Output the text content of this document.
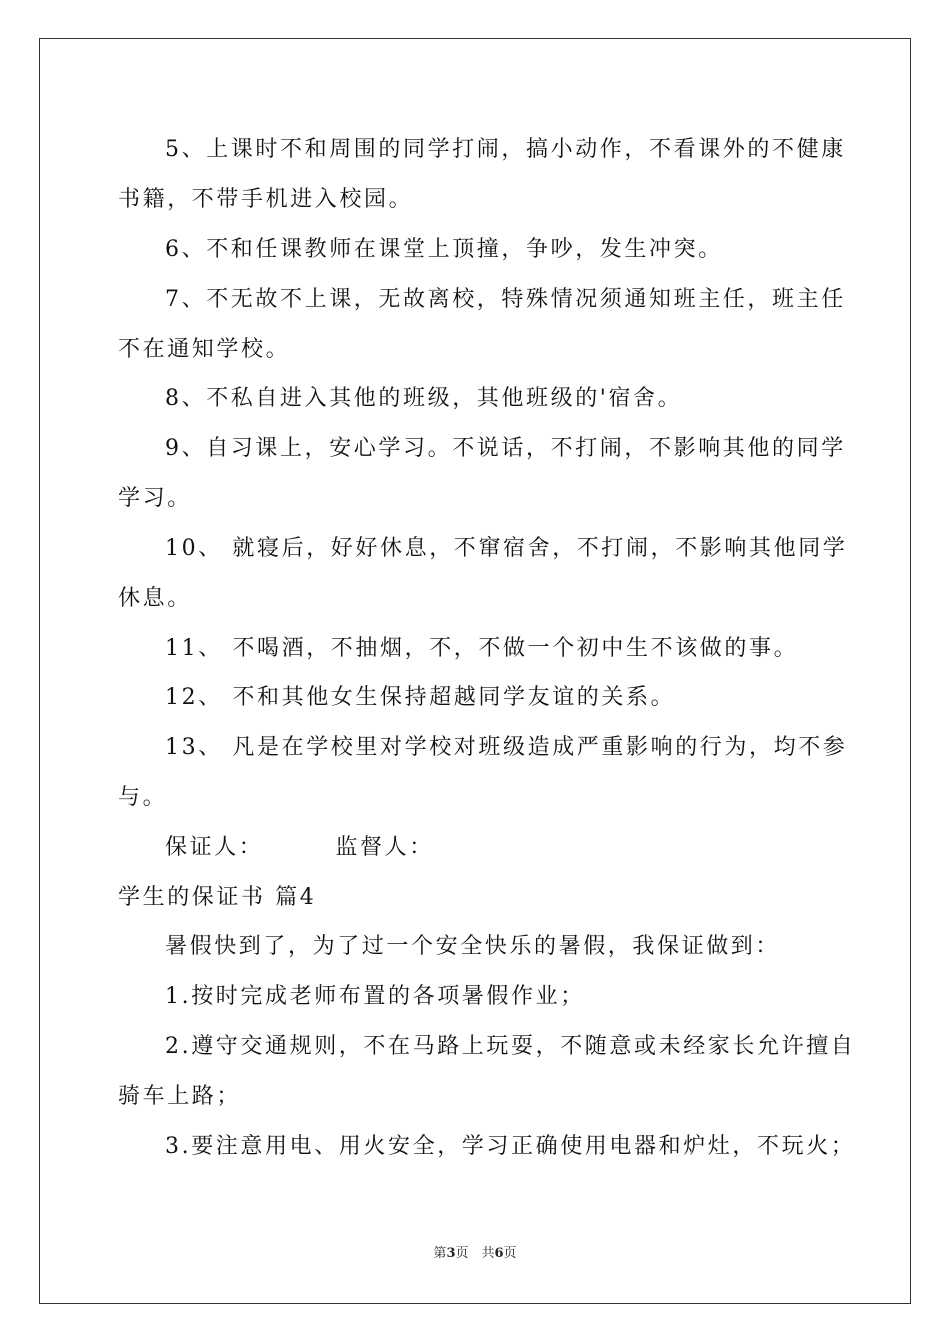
5、上课时不和周围的同学打闹，搞小动作，不看课外的不健康
书籍，不带手机进入校园。
6、不和任课教师在课堂上顶撞，争吵，发生冲突。
7、不无故不上课，无故离校，特殊情况须通知班主任，班主任
不在通知学校。
8、不私自进入其他的班级，其他班级的'宿舍。
9、自习课上，安心学习。不说话，不打闹，不影响其他的同学
学习。
10、 就寝后，好好休息，不窜宿舍，不打闹，不影响其他同学
休息。
11、 不喝酒，不抽烟，不，不做一个初中生不该做的事。
12、 不和其他女生保持超越同学友谊的关系。
13、 凡是在学校里对学校对班级造成严重影响的行为，均不参
与。
保证人：	监督人：
学生的保证书 篇4
暑假快到了，为了过一个安全快乐的暑假，我保证做到：
1.按时完成老师布置的各项暑假作业；
2.遵守交通规则，不在马路上玩耍，不随意或未经家长允许擅自
骑车上路；
3.要注意用电、用火安全，学习正确使用电器和炉灶，不玩火；
第3页　共6页
